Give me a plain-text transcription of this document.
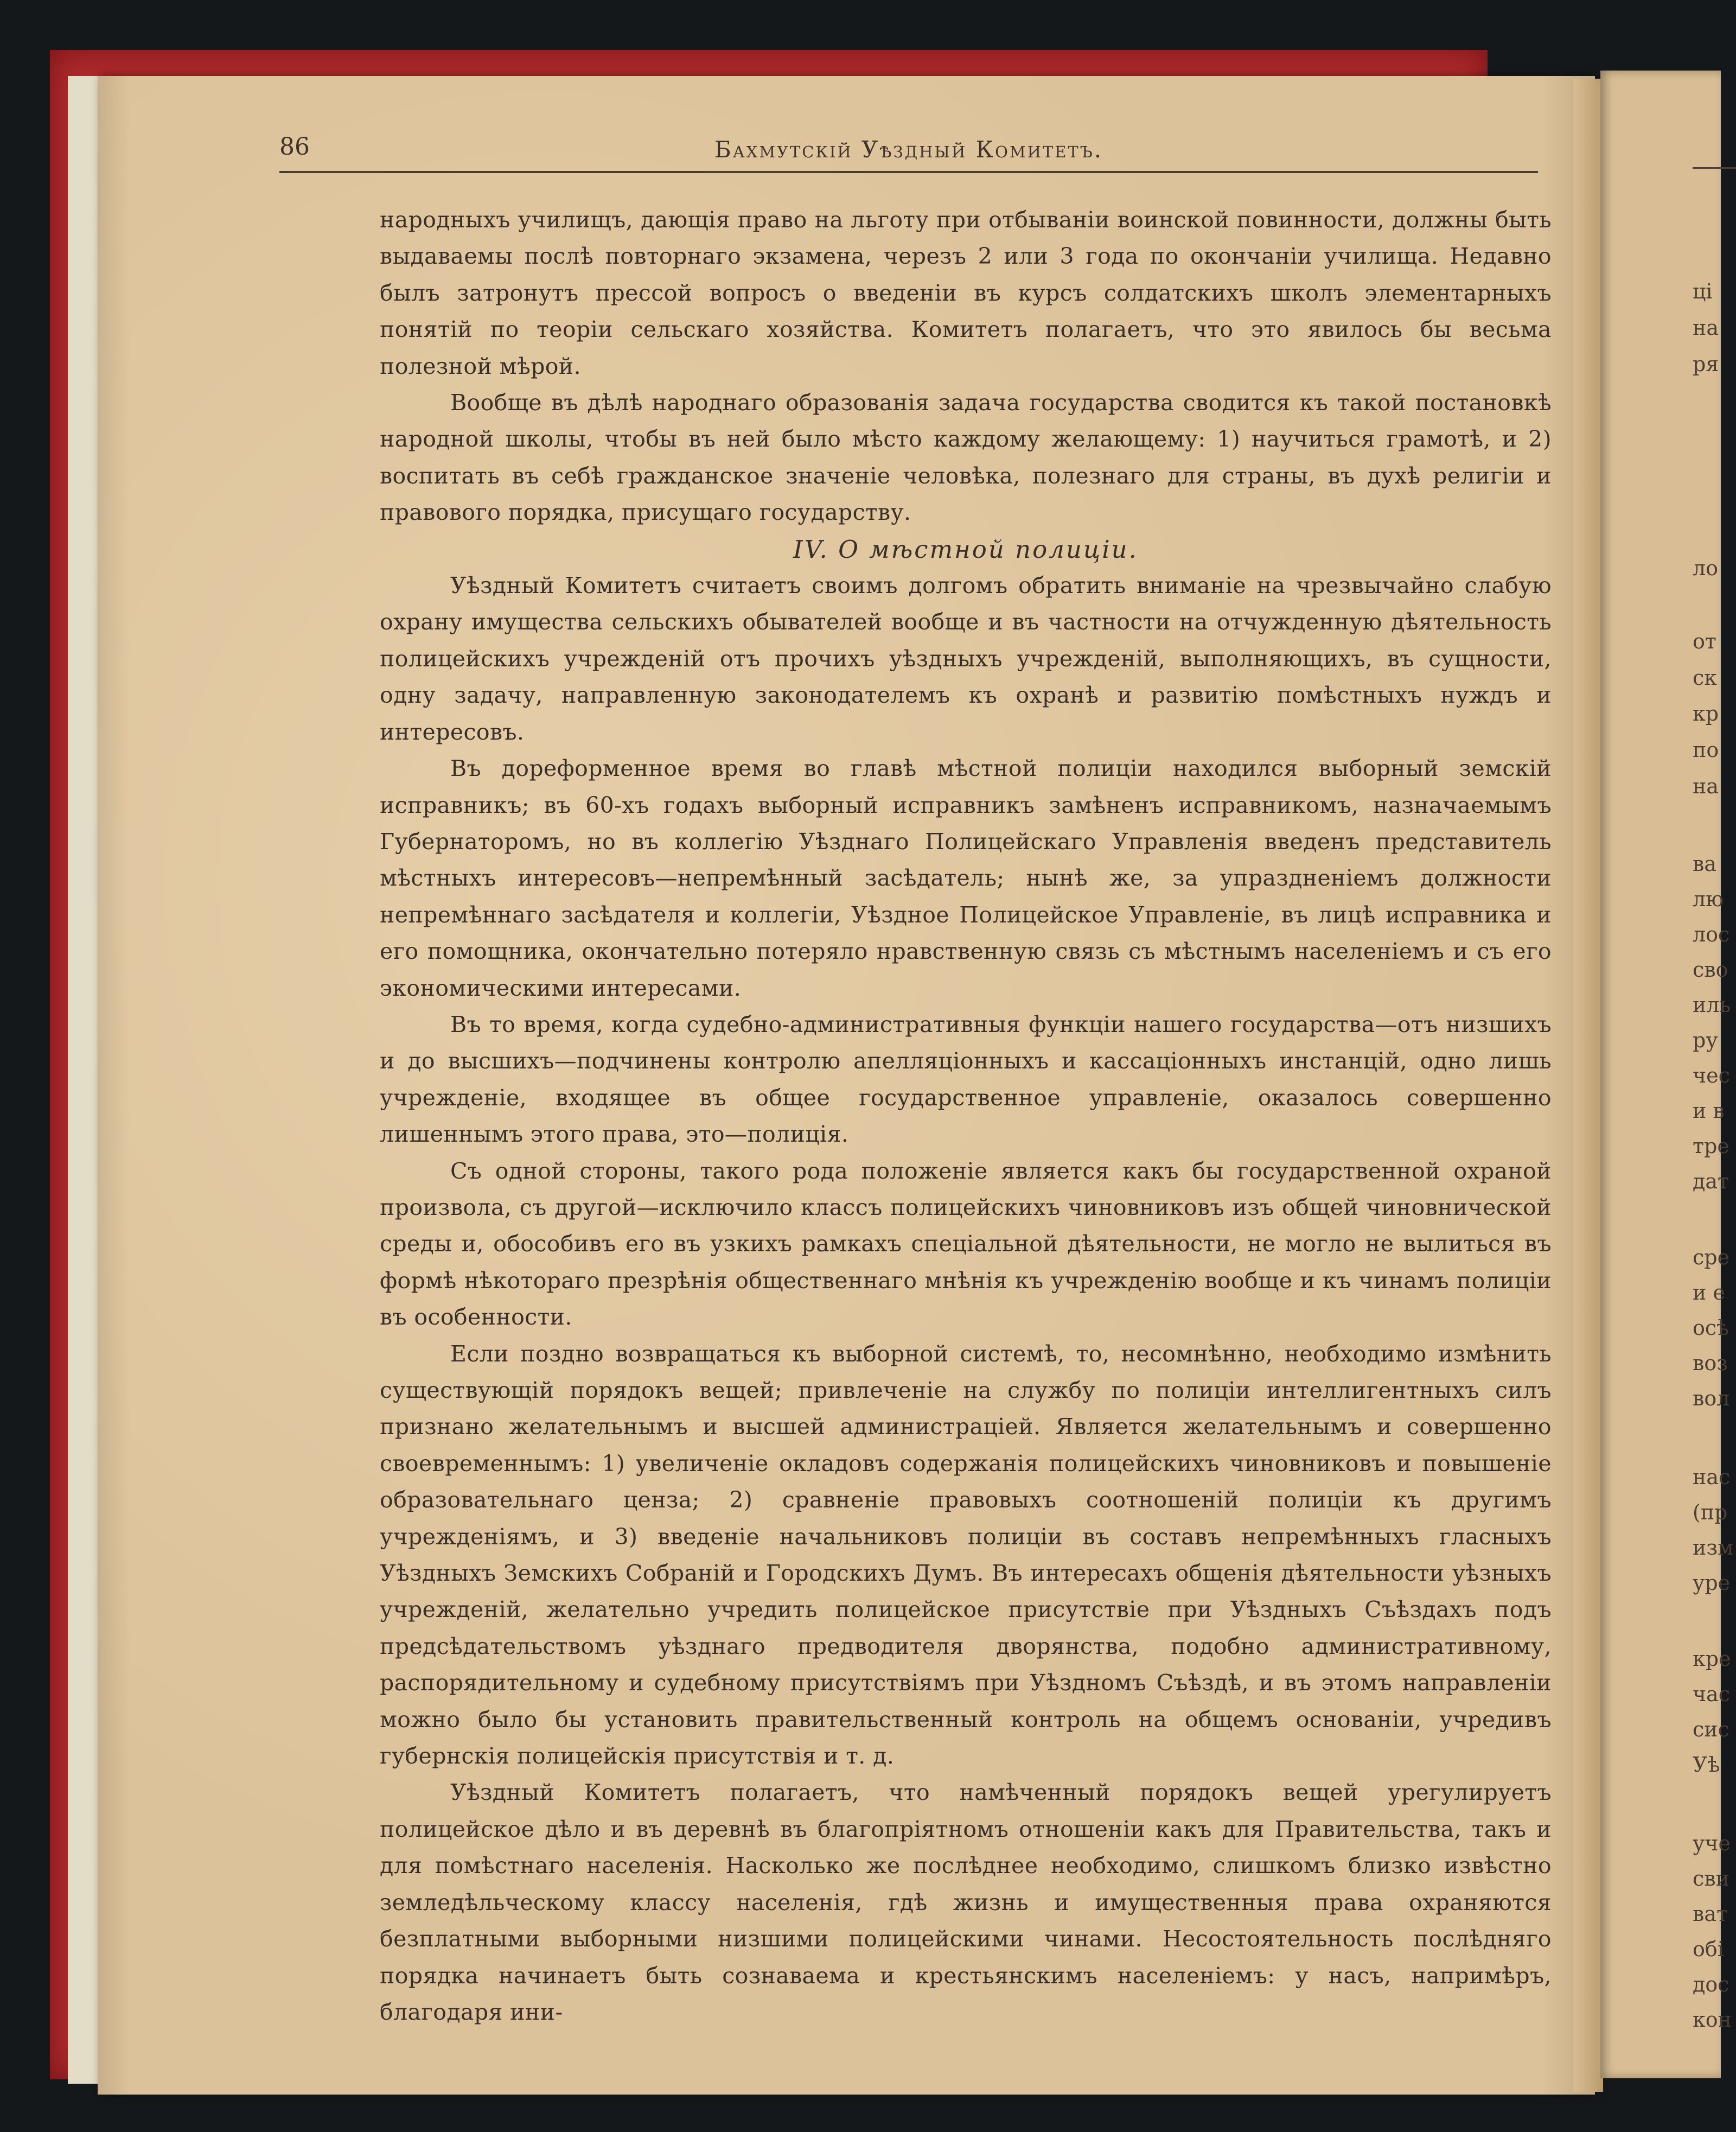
ці
на
ря
ло
от
ск
кр
по
на
ва
лю
лос
сво
иль
ру
чес
и в
тре
дат
сре
и е
осѣ
воз
вол
нас
(пр
изм
уре
кре
час
сис
Уѣ
уче
сви
ват
обі
дос
кон
86	Бахмутскій Уѣздный Комитетъ.

народныхъ училищъ, дающія право на льготу при отбываніи воинской повинности, должны быть выдаваемы послѣ повторнаго экзамена, черезъ 2 или 3 года по окончаніи училища. Недавно былъ затронутъ прессой вопросъ о введеніи въ курсъ солдатскихъ школъ элементарныхъ понятій по теоріи сельскаго хозяйства. Комитетъ полагаетъ, что это явилось бы весьма полезной мѣрой.

Вообще въ дѣлѣ народнаго образованія задача государства сводится къ такой постановкѣ народной школы, чтобы въ ней было мѣсто каждому желающему: 1) научиться грамотѣ, и 2) воспитать въ себѣ гражданское значеніе человѣка, полезнаго для страны, въ духѣ религіи и правового порядка, присущаго государству.

IV. О мѣстной полиціи.

Уѣздный Комитетъ считаетъ своимъ долгомъ обратить вниманіе на чрезвычайно слабую охрану имущества сельскихъ обывателей вообще и въ частности на отчужденную дѣятельность полицейскихъ учрежденій отъ прочихъ уѣздныхъ учрежденій, выполняющихъ, въ сущности, одну задачу, направленную законодателемъ къ охранѣ и развитію помѣстныхъ нуждъ и интересовъ.

Въ дореформенное время во главѣ мѣстной полиціи находился выборный земскій исправникъ; въ 60-хъ годахъ выборный исправникъ замѣненъ исправникомъ, назначаемымъ Губернаторомъ, но въ коллегію Уѣзднаго Полицейскаго Управленія введенъ представитель мѣстныхъ интересовъ—непремѣнный засѣдатель; нынѣ же, за упраздненіемъ должности непремѣннаго засѣдателя и коллегіи, Уѣздное Полицейское Управленіе, въ лицѣ исправника и его помощника, окончательно потеряло нравственную связь съ мѣстнымъ населеніемъ и съ его экономическими интересами.

Въ то время, когда судебно-административныя функціи нашего государства—отъ низшихъ и до высшихъ—подчинены контролю апелляціонныхъ и кассаціонныхъ инстанцій, одно лишь учрежденіе, входящее въ общее государственное управленіе, оказалось совершенно лишеннымъ этого права, это—полиція.

Съ одной стороны, такого рода положеніе является какъ бы государственной охраной произвола, съ другой—исключило классъ полицейскихъ чиновниковъ изъ общей чиновнической среды и, обособивъ его въ узкихъ рамкахъ спеціальной дѣятельности, не могло не вылиться въ формѣ нѣкотораго презрѣнія общественнаго мнѣнія къ учрежденію вообще и къ чинамъ полиціи въ особенности.

Если поздно возвращаться къ выборной системѣ, то, несомнѣнно, необходимо измѣнить существующій порядокъ вещей; привлеченіе на службу по полиціи интеллигентныхъ силъ признано желательнымъ и высшей администраціей. Является желательнымъ и совершенно своевременнымъ: 1) увеличеніе окладовъ содержанія полицейскихъ чиновниковъ и повышеніе образовательнаго ценза; 2) сравненіе правовыхъ соотношеній полиціи къ другимъ учрежденіямъ, и 3) введеніе начальниковъ полиціи въ составъ непремѣнныхъ гласныхъ Уѣздныхъ Земскихъ Собраній и Городскихъ Думъ. Въ интересахъ общенія дѣятельности уѣзныхъ учрежденій, желательно учредить полицейское присутствіе при Уѣздныхъ Съѣздахъ подъ предсѣдательствомъ уѣзднаго предводителя дворянства, подобно административному, распорядительному и судебному присутствіямъ при Уѣздномъ Съѣздѣ, и въ этомъ направленіи можно было бы установить правительственный контроль на общемъ основаніи, учредивъ губернскія полицейскія присутствія и т. д.

Уѣздный Комитетъ полагаетъ, что намѣченный порядокъ вещей урегулируетъ полицейское дѣло и въ деревнѣ въ благопріятномъ отношеніи какъ для Правительства, такъ и для помѣстнаго населенія. Насколько же послѣднее необходимо, слишкомъ близко извѣстно земледѣльческому классу населенія, гдѣ жизнь и имущественныя права охраняются безплатными выборными низшими полицейскими чинами. Несостоятельность послѣдняго порядка начинаетъ быть сознаваема и крестьянскимъ населеніемъ: у насъ, напримѣръ, благодаря ини-
